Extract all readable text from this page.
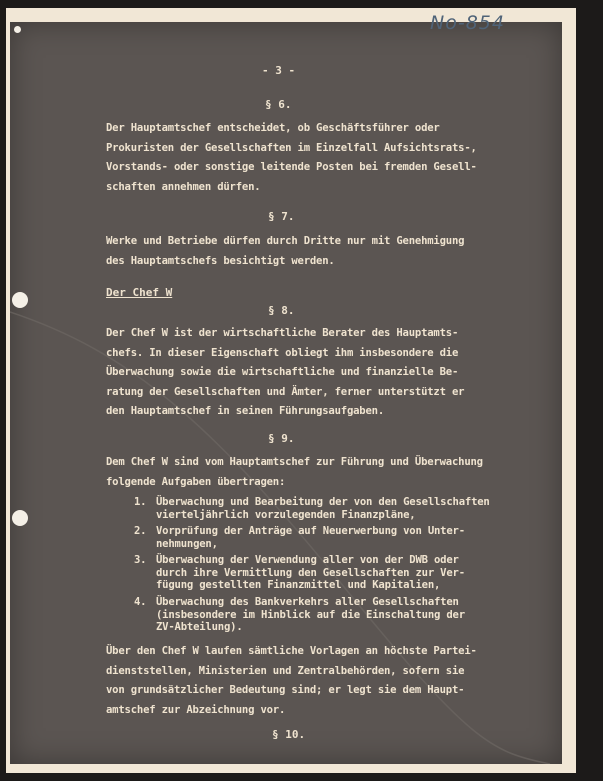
- 3 -
§ 6.
Der Hauptamtschef entscheidet, ob Geschäftsführer oder
Prokuristen der Gesellschaften im Einzelfall Aufsichtsrats-,
Vorstands- oder sonstige leitende Posten bei fremden Gesell-
schaften annehmen dürfen.
§ 7.
Werke und Betriebe dürfen durch Dritte nur mit Genehmigung
des Hauptamtschefs besichtigt werden.
Der Chef W
§ 8.
Der Chef W ist der wirtschaftliche Berater des Hauptamts-
chefs. In dieser Eigenschaft obliegt ihm insbesondere die
Überwachung sowie die wirtschaftliche und finanzielle Be-
ratung der Gesellschaften und Ämter, ferner unterstützt er
den Hauptamtschef in seinen Führungsaufgaben.
§ 9.
Dem Chef W sind vom Hauptamtschef zur Führung und Überwachung
folgende Aufgaben übertragen:
1. Überwachung und Bearbeitung der von den Gesellschaften
vierteljährlich vorzulegenden Finanzpläne,
2. Vorprüfung der Anträge auf Neuerwerbung von Unter-
nehmungen,
3. Überwachung der Verwendung aller von der DWB oder
durch ihre Vermittlung den Gesellschaften zur Ver-
fügung gestellten Finanzmittel und Kapitalien,
4. Überwachung des Bankverkehrs aller Gesellschaften
(insbesondere im Hinblick auf die Einschaltung der
ZV-Abteilung).
Über den Chef W laufen sämtliche Vorlagen an höchste Partei-
dienststellen, Ministerien und Zentralbehörden, sofern sie
von grundsätzlicher Bedeutung sind; er legt sie dem Haupt-
amtschef zur Abzeichnung vor.
§ 10.
No-854
